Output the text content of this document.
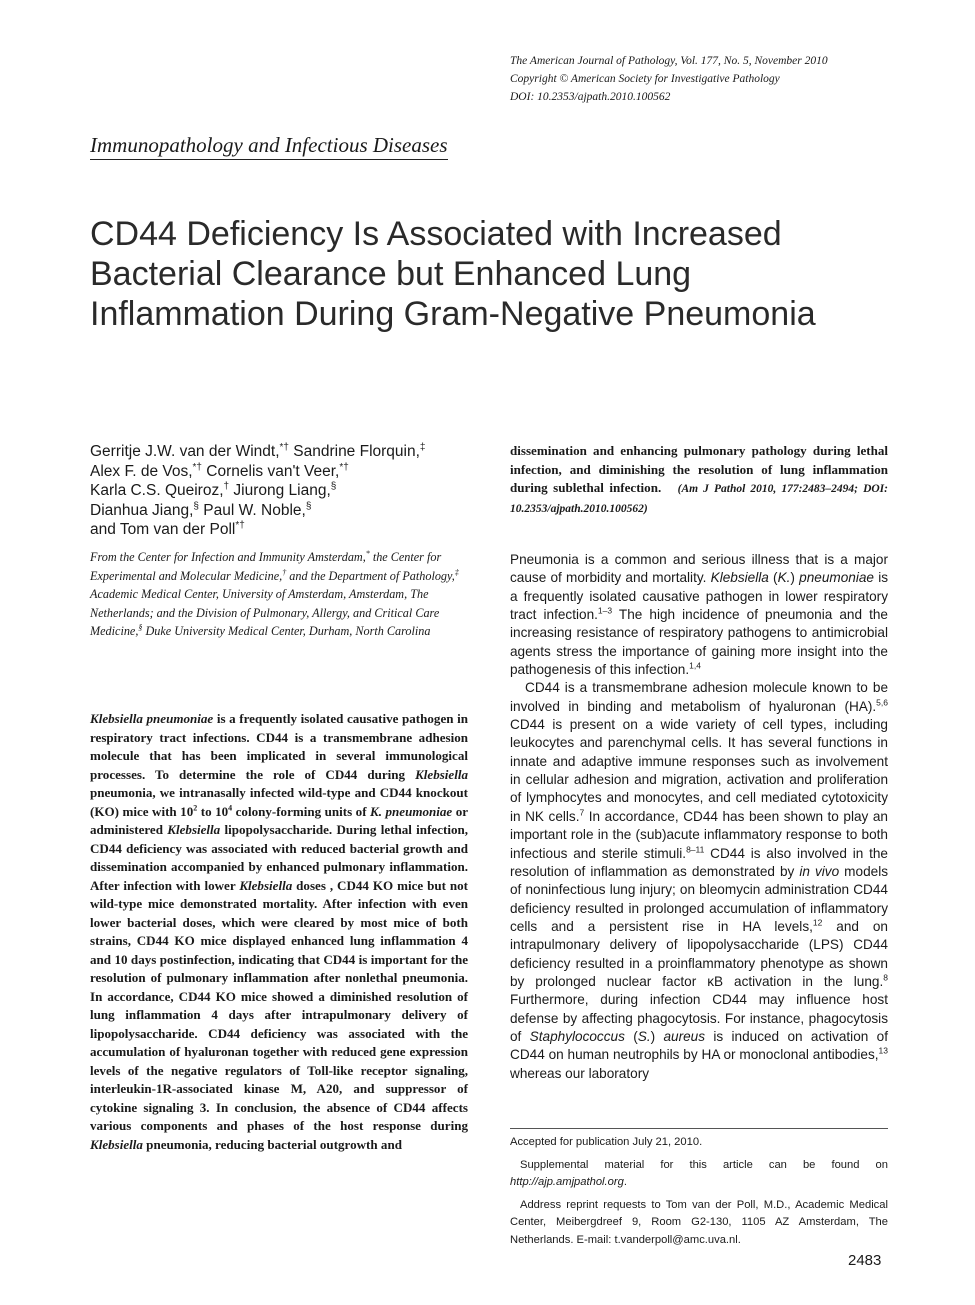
The American Journal of Pathology, Vol. 177, No. 5, November 2010
Copyright © American Society for Investigative Pathology
DOI: 10.2353/ajpath.2010.100562
Immunopathology and Infectious Diseases
CD44 Deficiency Is Associated with Increased Bacterial Clearance but Enhanced Lung Inflammation During Gram-Negative Pneumonia
Gerritje J.W. van der Windt,*† Sandrine Florquin,‡
Alex F. de Vos,*† Cornelis van't Veer,*†
Karla C.S. Queiroz,† Jiurong Liang,§
Dianhua Jiang,§ Paul W. Noble,§
and Tom van der Poll*†
From the Center for Infection and Immunity Amsterdam,* the Center for Experimental and Molecular Medicine,† and the Department of Pathology,‡ Academic Medical Center, University of Amsterdam, Amsterdam, The Netherlands; and the Division of Pulmonary, Allergy, and Critical Care Medicine,§ Duke University Medical Center, Durham, North Carolina
Klebsiella pneumoniae is a frequently isolated causative pathogen in respiratory tract infections. CD44 is a transmembrane adhesion molecule that has been implicated in several immunological processes. To determine the role of CD44 during Klebsiella pneumonia, we intranasally infected wild-type and CD44 knockout (KO) mice with $10^2$ to $10^4$ colony-forming units of K. pneumoniae or administered Klebsiella lipopolysaccharide. During lethal infection, CD44 deficiency was associated with reduced bacterial growth and dissemination accompanied by enhanced pulmonary inflammation. After infection with lower Klebsiella doses , CD44 KO mice but not wild-type mice demonstrated mortality. After infection with even lower bacterial doses, which were cleared by most mice of both strains, CD44 KO mice displayed enhanced lung inflammation 4 and 10 days postinfection, indicating that CD44 is important for the resolution of pulmonary inflammation after nonlethal pneumonia. In accordance, CD44 KO mice showed a diminished resolution of lung inflammation 4 days after intrapulmonary delivery of lipopolysaccharide. CD44 deficiency was associated with the accumulation of hyaluronan together with reduced gene expression levels of the negative regulators of Toll-like receptor signaling, interleukin-1R-associated kinase M, A20, and suppressor of cytokine signaling 3. In conclusion, the absence of CD44 affects various components and phases of the host response during Klebsiella pneumonia, reducing bacterial outgrowth and
dissemination and enhancing pulmonary pathology during lethal infection, and diminishing the resolution of lung inflammation during sublethal infection. (Am J Pathol 2010, 177:2483–2494; DOI: 10.2353/ajpath.2010.100562)

Pneumonia is a common and serious illness that is a major cause of morbidity and mortality. Klebsiella (K.) pneumoniae is a frequently isolated causative pathogen in lower respiratory tract infection.$^{1-3}$ The high incidence of pneumonia and the increasing resistance of respiratory pathogens to antimicrobial agents stress the importance of gaining more insight into the pathogenesis of this infection.$^{1,4}$

CD44 is a transmembrane adhesion molecule known to be involved in binding and metabolism of hyaluronan (HA).$^{5,6}$ CD44 is present on a wide variety of cell types, including leukocytes and parenchymal cells. It has several functions in innate and adaptive immune responses such as involvement in cellular adhesion and migration, activation and proliferation of lymphocytes and monocytes, and cell mediated cytotoxicity in NK cells.$^7$ In accordance, CD44 has been shown to play an important role in the (sub)acute inflammatory response to both infectious and sterile stimuli.$^{8-11}$ CD44 is also involved in the resolution of inflammation as demonstrated by in vivo models of noninfectious lung injury; on bleomycin administration CD44 deficiency resulted in prolonged accumulation of inflammatory cells and a persistent rise in HA levels,$^{12}$ and on intrapulmonary delivery of lipopolysaccharide (LPS) CD44 deficiency resulted in a proinflammatory phenotype as shown by prolonged nuclear factor κB activation in the lung.$^8$ Furthermore, during infection CD44 may influence host defense by affecting phagocytosis. For instance, phagocytosis of Staphylococcus (S.) aureus is induced on activation of CD44 on human neutrophils by HA or monoclonal antibodies,$^{13}$ whereas our laboratory

Accepted for publication July 21, 2010.

Supplemental material for this article can be found on http://ajp.amjpathol.org.

Address reprint requests to Tom van der Poll, M.D., Academic Medical Center, Meibergdreef 9, Room G2-130, 1105 AZ Amsterdam, The Netherlands. E-mail: t.vanderpoll@amc.uva.nl.

2483
